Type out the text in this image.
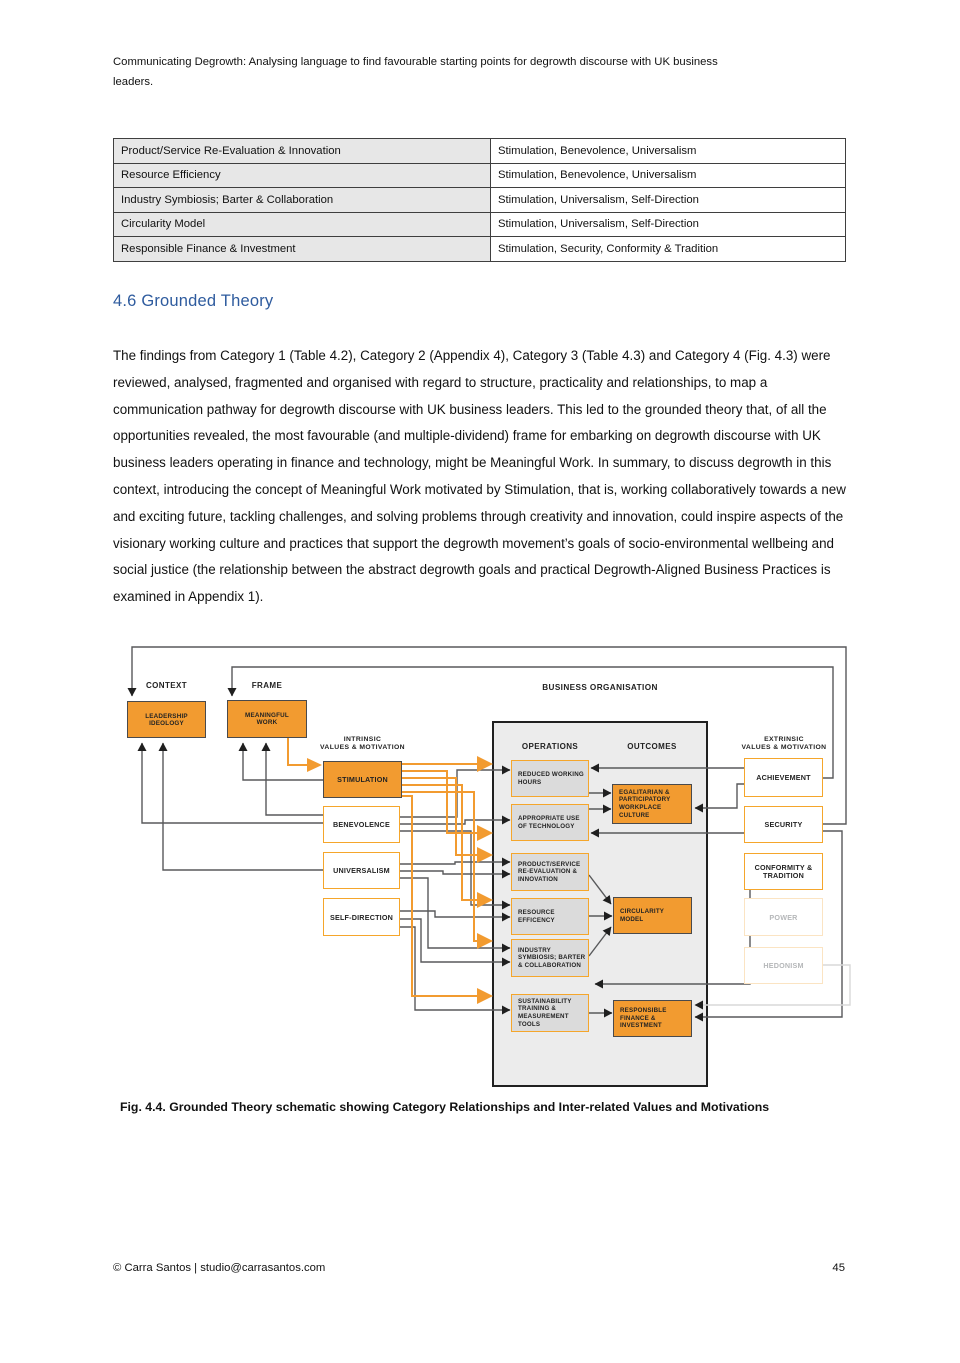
Communicating Degrowth: Analysing language to find favourable starting points for degrowth discourse with UK business leaders.
Product/Service Re-Evaluation & Innovation	Stimulation, Benevolence, Universalism
Resource Efficiency	Stimulation, Benevolence, Universalism
Industry Symbiosis; Barter & Collaboration	Stimulation, Universalism, Self-Direction
Circularity Model	Stimulation, Universalism, Self-Direction
Responsible Finance & Investment	Stimulation, Security, Conformity & Tradition
4.6 Grounded Theory
The findings from Category 1 (Table 4.2), Category 2 (Appendix 4), Category 3 (Table 4.3) and Category 4 (Fig. 4.3) were reviewed, analysed, fragmented and organised with regard to structure, practicality and relationships, to map a communication pathway for degrowth discourse with UK business leaders. This led to the grounded theory that, of all the opportunities revealed, the most favourable (and multiple-dividend) frame for embarking on degrowth discourse with UK business leaders operating in finance and technology, might be Meaningful Work. In summary, to discuss degrowth in this context, introducing the concept of Meaningful Work motivated by Stimulation, that is, working collaboratively towards a new and exciting future, tackling challenges, and solving problems through creativity and innovation, could inspire aspects of the visionary working culture and practices that support the degrowth movement’s goals of socio-environmental wellbeing and social justice (the relationship between the abstract degrowth goals and practical Degrowth-Aligned Business Practices is examined in Appendix 1).
CONTEXT	FRAME	BUSINESS ORGANISATION
INTRINSIC
VALUES & MOTIVATION
EXTRINSIC
VALUES & MOTIVATION
OPERATIONS	OUTCOMES
LEADERSHIP IDEOLOGY
MEANINGFUL WORK
STIMULATION
BENEVOLENCE
UNIVERSALISM
SELF-DIRECTION
REDUCED WORKING HOURS
APPROPRIATE USE OF TECHNOLOGY
PRODUCT/SERVICE RE-EVALUATION & INNOVATION
RESOURCE EFFICENCY
INDUSTRY SYMBIOSIS; BARTER & COLLABORATION
SUSTAINABILITY TRAINING & MEASUREMENT TOOLS
EGALITARIAN & PARTICIPATORY WORKPLACE CULTURE
CIRCULARITY MODEL
RESPONSIBLE FINANCE & INVESTMENT
ACHIEVEMENT
SECURITY
CONFORMITY & TRADITION
POWER
HEDONISM
Fig. 4.4. Grounded Theory schematic showing Category Relationships and Inter-related Values and Motivations
© Carra Santos | studio@carrasantos.com	45
